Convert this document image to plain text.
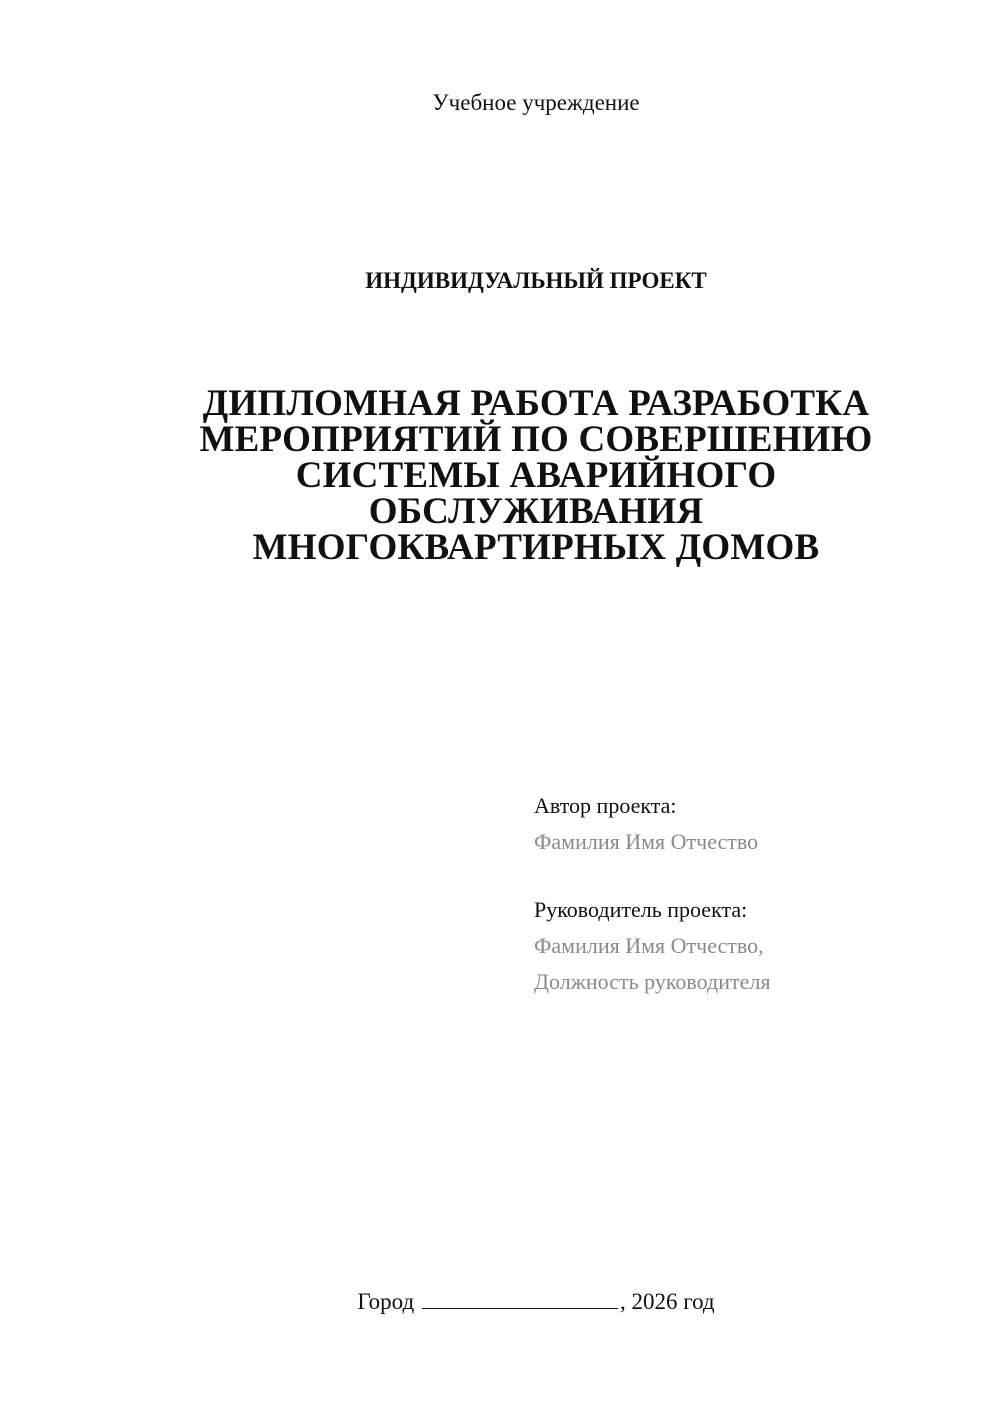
Учебное учреждение
ИНДИВИДУАЛЬНЫЙ ПРОЕКТ
ДИПЛОМНАЯ РАБОТА РАЗРАБОТКА МЕРОПРИЯТИЙ ПО СОВЕРШЕНИЮ СИСТЕМЫ АВАРИЙНОГО ОБСЛУЖИВАНИЯ МНОГОКВАРТИРНЫХ ДОМОВ
Автор проекта:
Фамилия Имя Отчество
Руководитель проекта:
Фамилия Имя Отчество,
Должность руководителя
Город	, 2026 год
